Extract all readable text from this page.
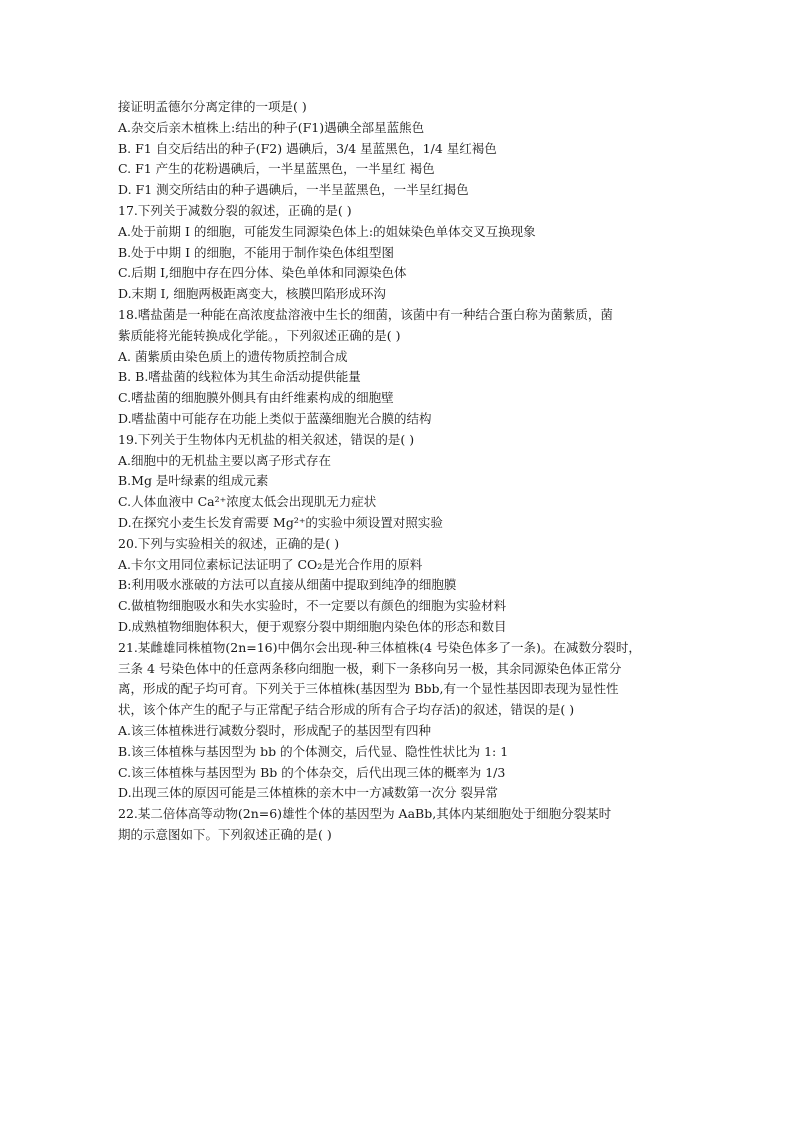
接证明孟德尔分离定律的一项是( )
A.杂交后亲木植株上:结出的种子(F1)遇碘全部星蓝熊色
B. F1 自交后结出的种子(F2) 遇碘后，3/4 星蓝黑色，1/4 星红褐色
C. F1 产生的花粉遇碘后，一半星蓝黑色，一半星红 褐色
D. F1 测交所结由的种子遇碘后，一半呈蓝黑色，一半呈红揭色
17.下列关于减数分裂的叙述，正确的是( )
A.处于前期 I 的细胞，可能发生同源染色体上:的姐妹染色单体交叉互换现象
B.处于中期 I 的细胞，不能用于制作染色体组型图
C.后期 I,细胞中存在四分体、染色单体和同源染色体
D.末期 I, 细胞两极距离变大，核膜凹陷形成环沟
18.嗜盐菌是一种能在高浓度盐溶液中生长的细菌，该菌中有一种结合蛋白称为菌紫质，菌
紫质能将光能转换成化学能。，下列叙述正确的是( )
A. 菌紫质由染色质上的遗传物质控制合成
B. B.嗜盐菌的线粒体为其生命活动提供能量
C.嗜盐菌的细胞膜外侧具有由纤维素构成的细胞壁
D.嗜盐菌中可能存在功能上类似于蓝藻细胞光合膜的结构
19.下列关于生物体内无机盐的相关叙述，错误的是( )
A.细胞中的无机盐主要以离子形式存在
B.Mg 是叶绿素的组成元素
C.人体血液中 Ca²⁺浓度太低会出现肌无力症状
D.在探究小麦生长发育需要 Mg²⁺的实验中须设置对照实验
20.下列与实验相关的叙述，正确的是( )
A.卡尔文用同位素标记法证明了 CO₂是光合作用的原料
B:利用吸水涨破的方法可以直接从细菌中提取到纯净的细胞膜
C.做植物细胞吸水和失水实验时，不一定要以有颜色的细胞为实验材料
D.成熟植物细胞体积大，便于观察分裂中期细胞内染色体的形态和数目
21.某雌雄同株植物(2n=16)中偶尔会出现-种三体植株(4 号染色体多了一条)。在减数分裂时，
三条 4 号染色体中的任意两条移向细胞一极，剩下一条移向另一极，其余同源染色体正常分
离，形成的配子均可育。下列关于三体植株(基因型为 Bbb,有一个显性基因即表现为显性性
状，该个体产生的配子与正常配子结合形成的所有合子均存活)的叙述，错误的是( )
A.该三体植株进行减数分裂时，形成配子的基因型有四种
B.该三体植株与基因型为 bb 的个体测交，后代显、隐性性状比为 1: 1
C.该三体植株与基因型为 Bb 的个体杂交，后代出现三体的概率为 1/3
D.出现三体的原因可能是三体植株的亲木中一方减数第一次分 裂异常
22.某二倍体高等动物(2n=6)雄性个体的基因型为 AaBb,其体内某细胞处于细胞分裂某时
期的示意图如下。下列叙述正确的是( )
